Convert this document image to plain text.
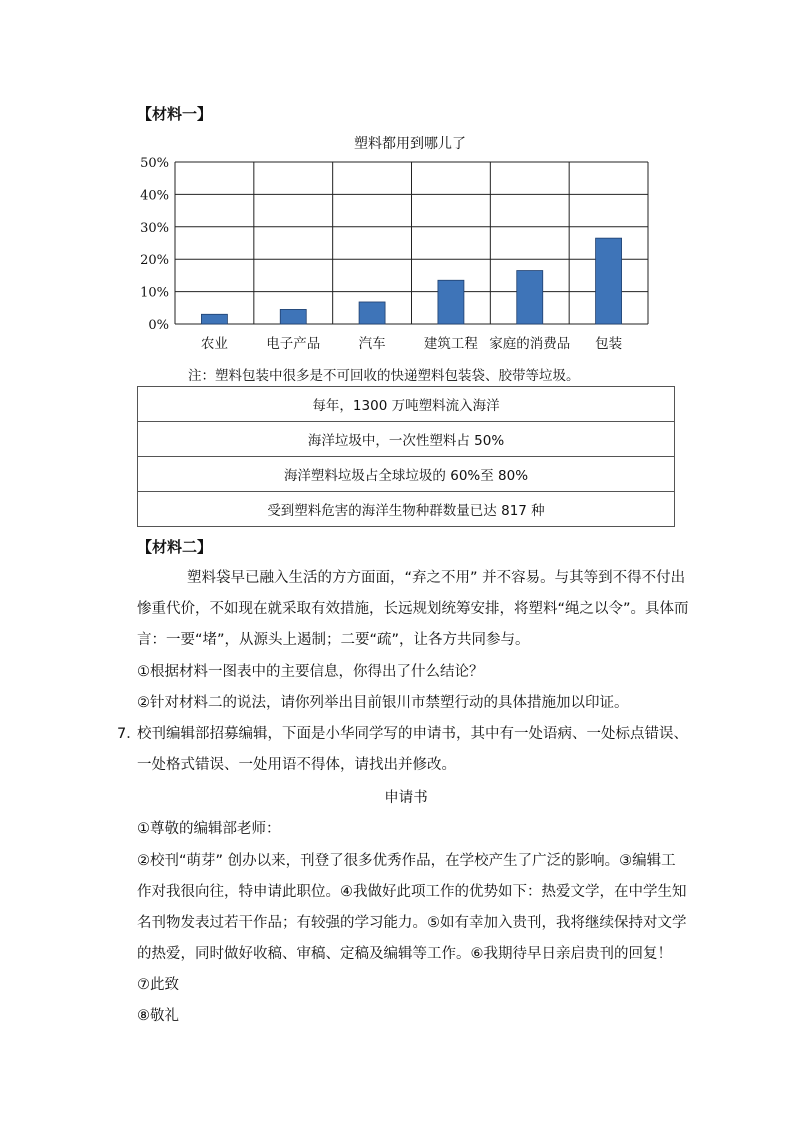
【材料一】
塑料都用到哪儿了
0%
10%
20%
30%
40%
50%
农业	电子产品	汽车	建筑工程 家庭的消费品 包装
注：塑料包装中很多是不可回收的快递塑料包装袋、胶带等垃圾。
每年，1300 万吨塑料流入海洋
海洋垃圾中，一次性塑料占 50%
海洋塑料垃圾占全球垃圾的 60%至 80%
受到塑料危害的海洋生物种群数量已达 817 种
【材料二】
塑料袋早已融入生活的方方面面，“弃之不用” 并不容易。与其等到不得不付出
惨重代价，不如现在就采取有效措施，长远规划统筹安排，将塑料“绳之以令”。具体而
言：一要“堵”，从源头上遏制；二要“疏”，让各方共同参与。
①根据材料一图表中的主要信息，你得出了什么结论？
②针对材料二的说法，请你列举出目前银川市禁塑行动的具体措施加以印证。
7．
校刊编辑部招募编辑，下面是小华同学写的申请书，其中有一处语病、一处标点错误、
一处格式错误、一处用语不得体，请找出并修改。
申请书
①尊敬的编辑部老师：
②校刊“萌芽” 创办以来，刊登了很多优秀作品，在学校产生了广泛的影响。③编辑工
作对我很向往，特申请此职位。④我做好此项工作的优势如下：热爱文学，在中学生知
名刊物发表过若干作品；有较强的学习能力。⑤如有幸加入贵刊，我将继续保持对文学
的热爱，同时做好收稿、审稿、定稿及编辑等工作。⑥我期待早日亲启贵刊的回复！
⑦此致
⑧敬礼
